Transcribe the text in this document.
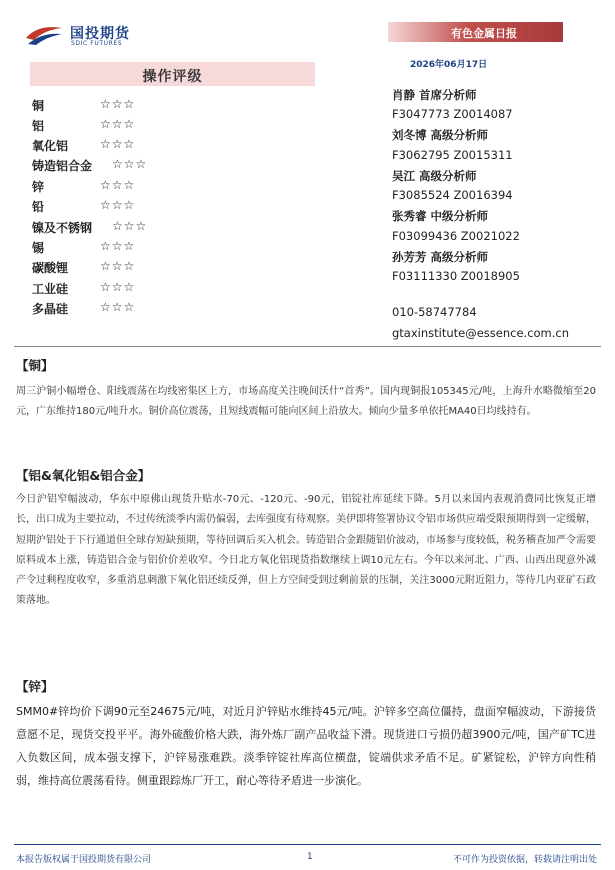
国投期货
SDIC FUTURES
有色金属日报
2026年06月17日
操作评级
铜	☆☆☆
铝	☆☆☆
氧化铝	☆☆☆
铸造铝合金 ☆☆☆
锌	☆☆☆
铅	☆☆☆
镍及不锈钢 ☆☆☆
锡	☆☆☆
碳酸锂	☆☆☆
工业硅	☆☆☆
多晶硅	☆☆☆
肖静 首席分析师
F3047773 Z0014087
刘冬博 高级分析师
F3062795 Z0015311
吴江 高级分析师
F3085524 Z0016394
张秀睿 中级分析师
F03099436 Z0021022
孙芳芳 高级分析师
F03111330 Z0018905
010-58747784
gtaxinstitute@essence.com.cn
【铜】

周三沪铜小幅增仓、阳线震荡在均线密集区上方，市场高度关注晚间沃什“首秀”。国内现铜报105345元/吨，上海升水略微缩至20元，广东维持180元/吨升水。铜价高位震荡，且短线震幅可能向区间上沿放大。倾向少量多单依托MA40日均线持有。

【铝&氧化铝&铝合金】

今日沪铝窄幅波动，华东中原佛山现货升贴水-70元、-120元、-90元，铝锭社库延续下降。5月以来国内表观消费同比恢复正增长，出口成为主要拉动，不过传统淡季内需仍偏弱，去库强度有待观察。美伊即将签署协议令铝市场供应端受限预期得到一定缓解，短期沪铝处于下行通道但全球存短缺预期，等待回调后买入机会。铸造铝合金跟随铝价波动，市场参与度较低，税务稽查加严令需要原料成本上涨，铸造铝合金与铝价价差收窄。今日北方氧化铝现货指数继续上调10元左右。今年以来河北、广西、山西出现意外减产令过剩程度收窄，多重消息刺激下氧化铝还续反弹，但上方空间受到过剩前景的压制，关注3000元附近阻力，等待几内亚矿石政策落地。

【锌】

SMM0#锌均价下调90元至24675元/吨，对近月沪锌贴水维持45元/吨。沪锌多空高位僵持，盘面窄幅波动，下游接货意愿不足，现货交投平平。海外硫酸价格大跌，海外炼厂副产品收益下滑。现货进口亏损仍超3900元/吨，国产矿TC进入负数区间，成本强支撑下，沪锌易涨难跌。淡季锌锭社库高位横盘，锭端供求矛盾不足。矿紧锭松，沪锌方向性稍弱，维持高位震荡看待。侧重跟踪炼厂开工，耐心等待矛盾进一步演化。

本报告版权属于国投期货有限公司	1	不可作为投资依据，转载请注明出处
